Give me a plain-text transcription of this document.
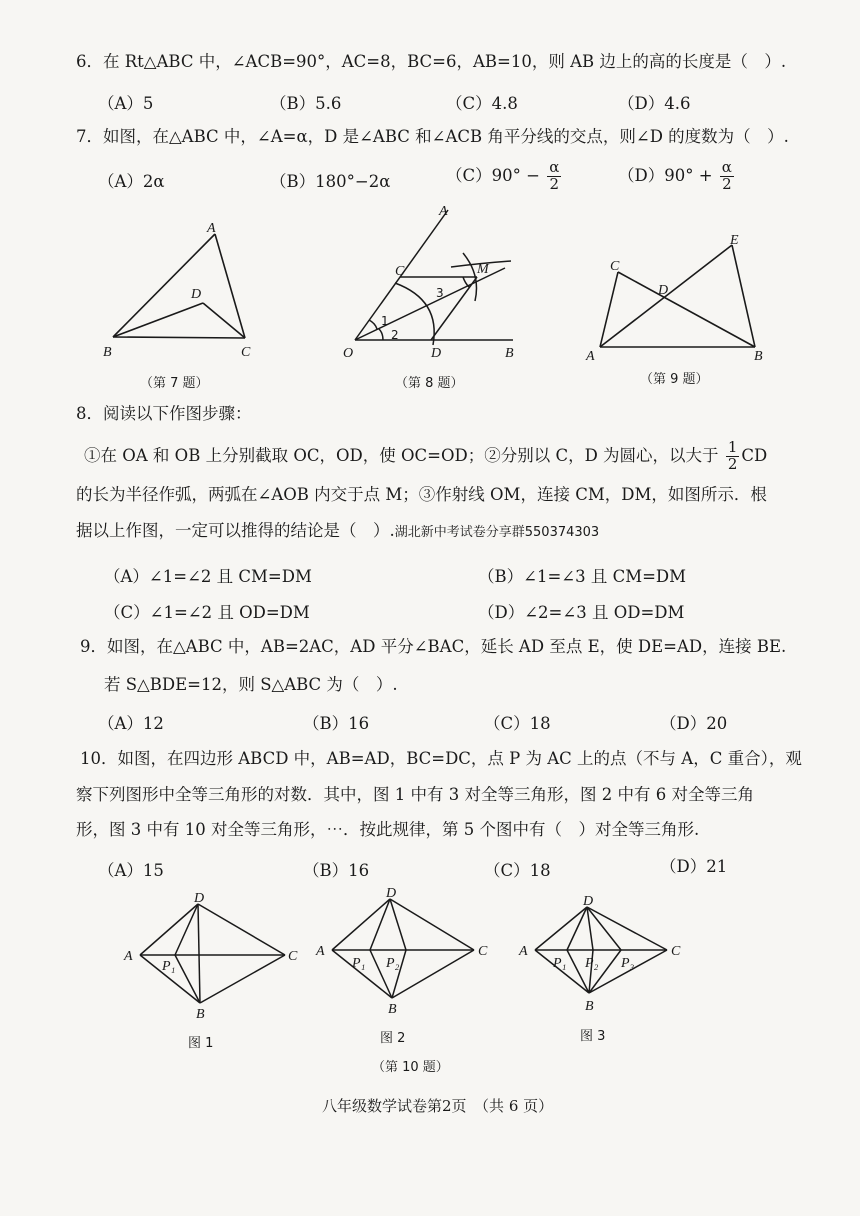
6．在 Rt△ABC 中，∠ACB=90°，AC=8，BC=6，AB=10，则 AB 边上的高的长度是（　）.
（A）5	（B）5.6	（C）4.8	（D）4.6
7．如图，在△ABC 中，∠A=α，D 是∠ABC 和∠ACB 角平分线的交点，则∠D 的度数为（　）.
（A）2α	（B）180°−2α	$(C)90^\circ - \frac{\alpha}{2}$	$(D)90^\circ + \frac{\alpha}{2}$
A
D
B	C
（第 7 题）
A
C	M
3
1
2
O	D	B
（第 8 题）
C
E
D
A	B
（第 9 题）
8．阅读以下作图步骤：
①在 OA 和 OB 上分别截取 OC，OD，使 OC=OD；②分别以 C，D 为圆心，以大于 $\frac{1}{2}$ CD
的长为半径作弧，两弧在∠AOB 内交于点 M；③作射线 OM，连接 CM，DM，如图所示．根
据以上作图，一定可以推得的结论是（　）.湖北新中考试卷分享群550374303
（A）∠1=∠2 且 CM=DM	（B）∠1=∠3 且 CM=DM
（C）∠1=∠2 且 OD=DM	（D）∠2=∠3 且 OD=DM
9．如图，在△ABC 中，AB=2AC，AD 平分∠BAC，延长 AD 至点 E，使 DE=AD，连接 BE.
若 S△BDE=12，则 S△ABC 为（　）.
（A）12	（B）16	（C）18	（D）20
10．如图，在四边形 ABCD 中，AB=AD，BC=DC，点 P 为 AC 上的点（不与 A，C 重合），观
察下列图形中全等三角形的对数．其中，图 1 中有 3 对全等三角形，图 2 中有 6 对全等三角
形，图 3 中有 10 对全等三角形，⋯．按此规律，第 5 个图中有（　）对全等三角形.
（A）15	（B）16	（C）18	（D）21
D
A	C
B
P₁
图 1
D
A	C
B
P₁ P₂
图 2
D
A	C
B
P₁ P₂ P₃
图 3
（第 10 题）
八年级数学试卷第2页　（共 6 页）
